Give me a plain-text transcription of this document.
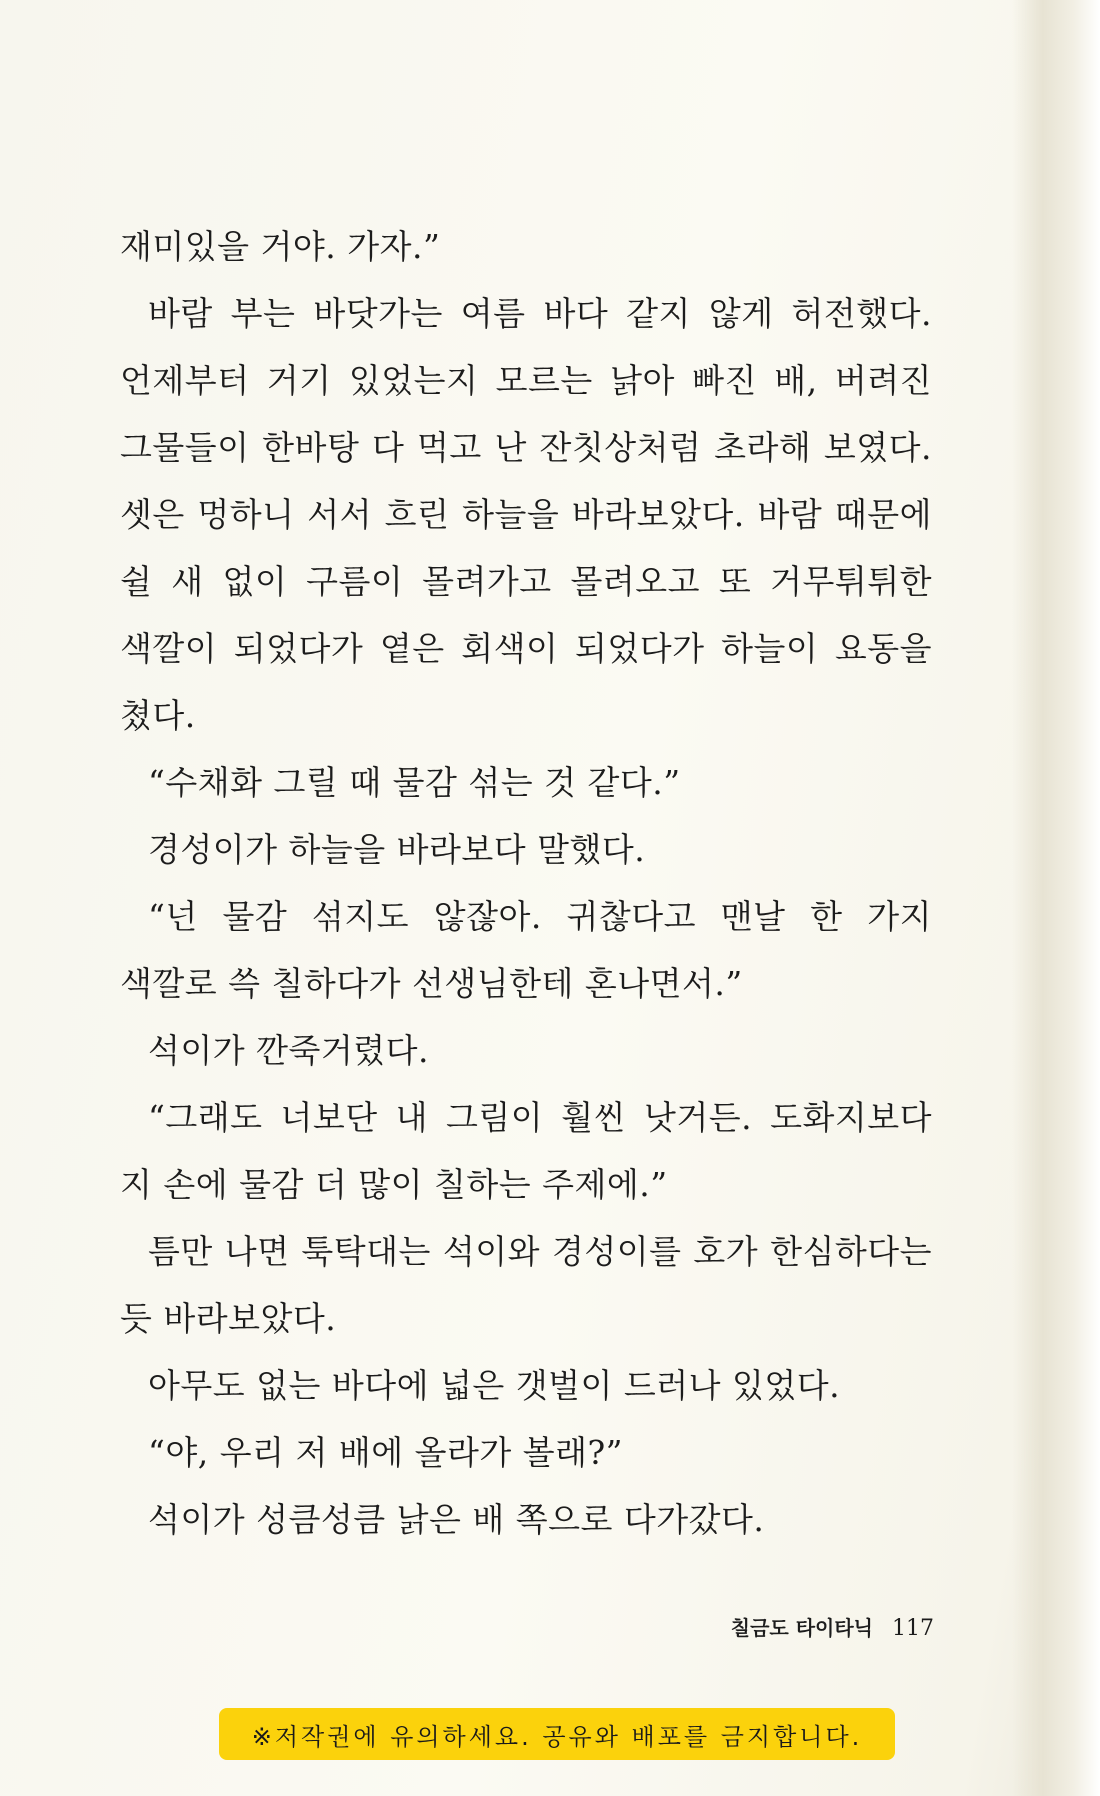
재미있을 거야. 가자.”

바람 부는 바닷가는 여름 바다 같지 않게 허전했다. 언제부터 거기 있었는지 모르는 낡아 빠진 배, 버려진 그물들이 한바탕 다 먹고 난 잔칫상처럼 초라해 보였다. 셋은 멍하니 서서 흐린 하늘을 바라보았다. 바람 때문에 쉴 새 없이 구름이 몰려가고 몰려오고 또 거무튀튀한 색깔이 되었다가 옅은 회색이 되었다가 하늘이 요동을 쳤다.

“수채화 그릴 때 물감 섞는 것 같다.”

경성이가 하늘을 바라보다 말했다.

“넌 물감 섞지도 않잖아. 귀찮다고 맨날 한 가지 색깔로 쓱 칠하다가 선생님한테 혼나면서.”

석이가 깐죽거렸다.

“그래도 너보단 내 그림이 훨씬 낫거든. 도화지보다 지 손에 물감 더 많이 칠하는 주제에.”

틈만 나면 툭탁대는 석이와 경성이를 호가 한심하다는 듯 바라보았다.

아무도 없는 바다에 넓은 갯벌이 드러나 있었다.

“야, 우리 저 배에 올라가 볼래?”

석이가 성큼성큼 낡은 배 쪽으로 다가갔다.

칠금도 타이타닉 117
※저작권에 유의하세요. 공유와 배포를 금지합니다.
